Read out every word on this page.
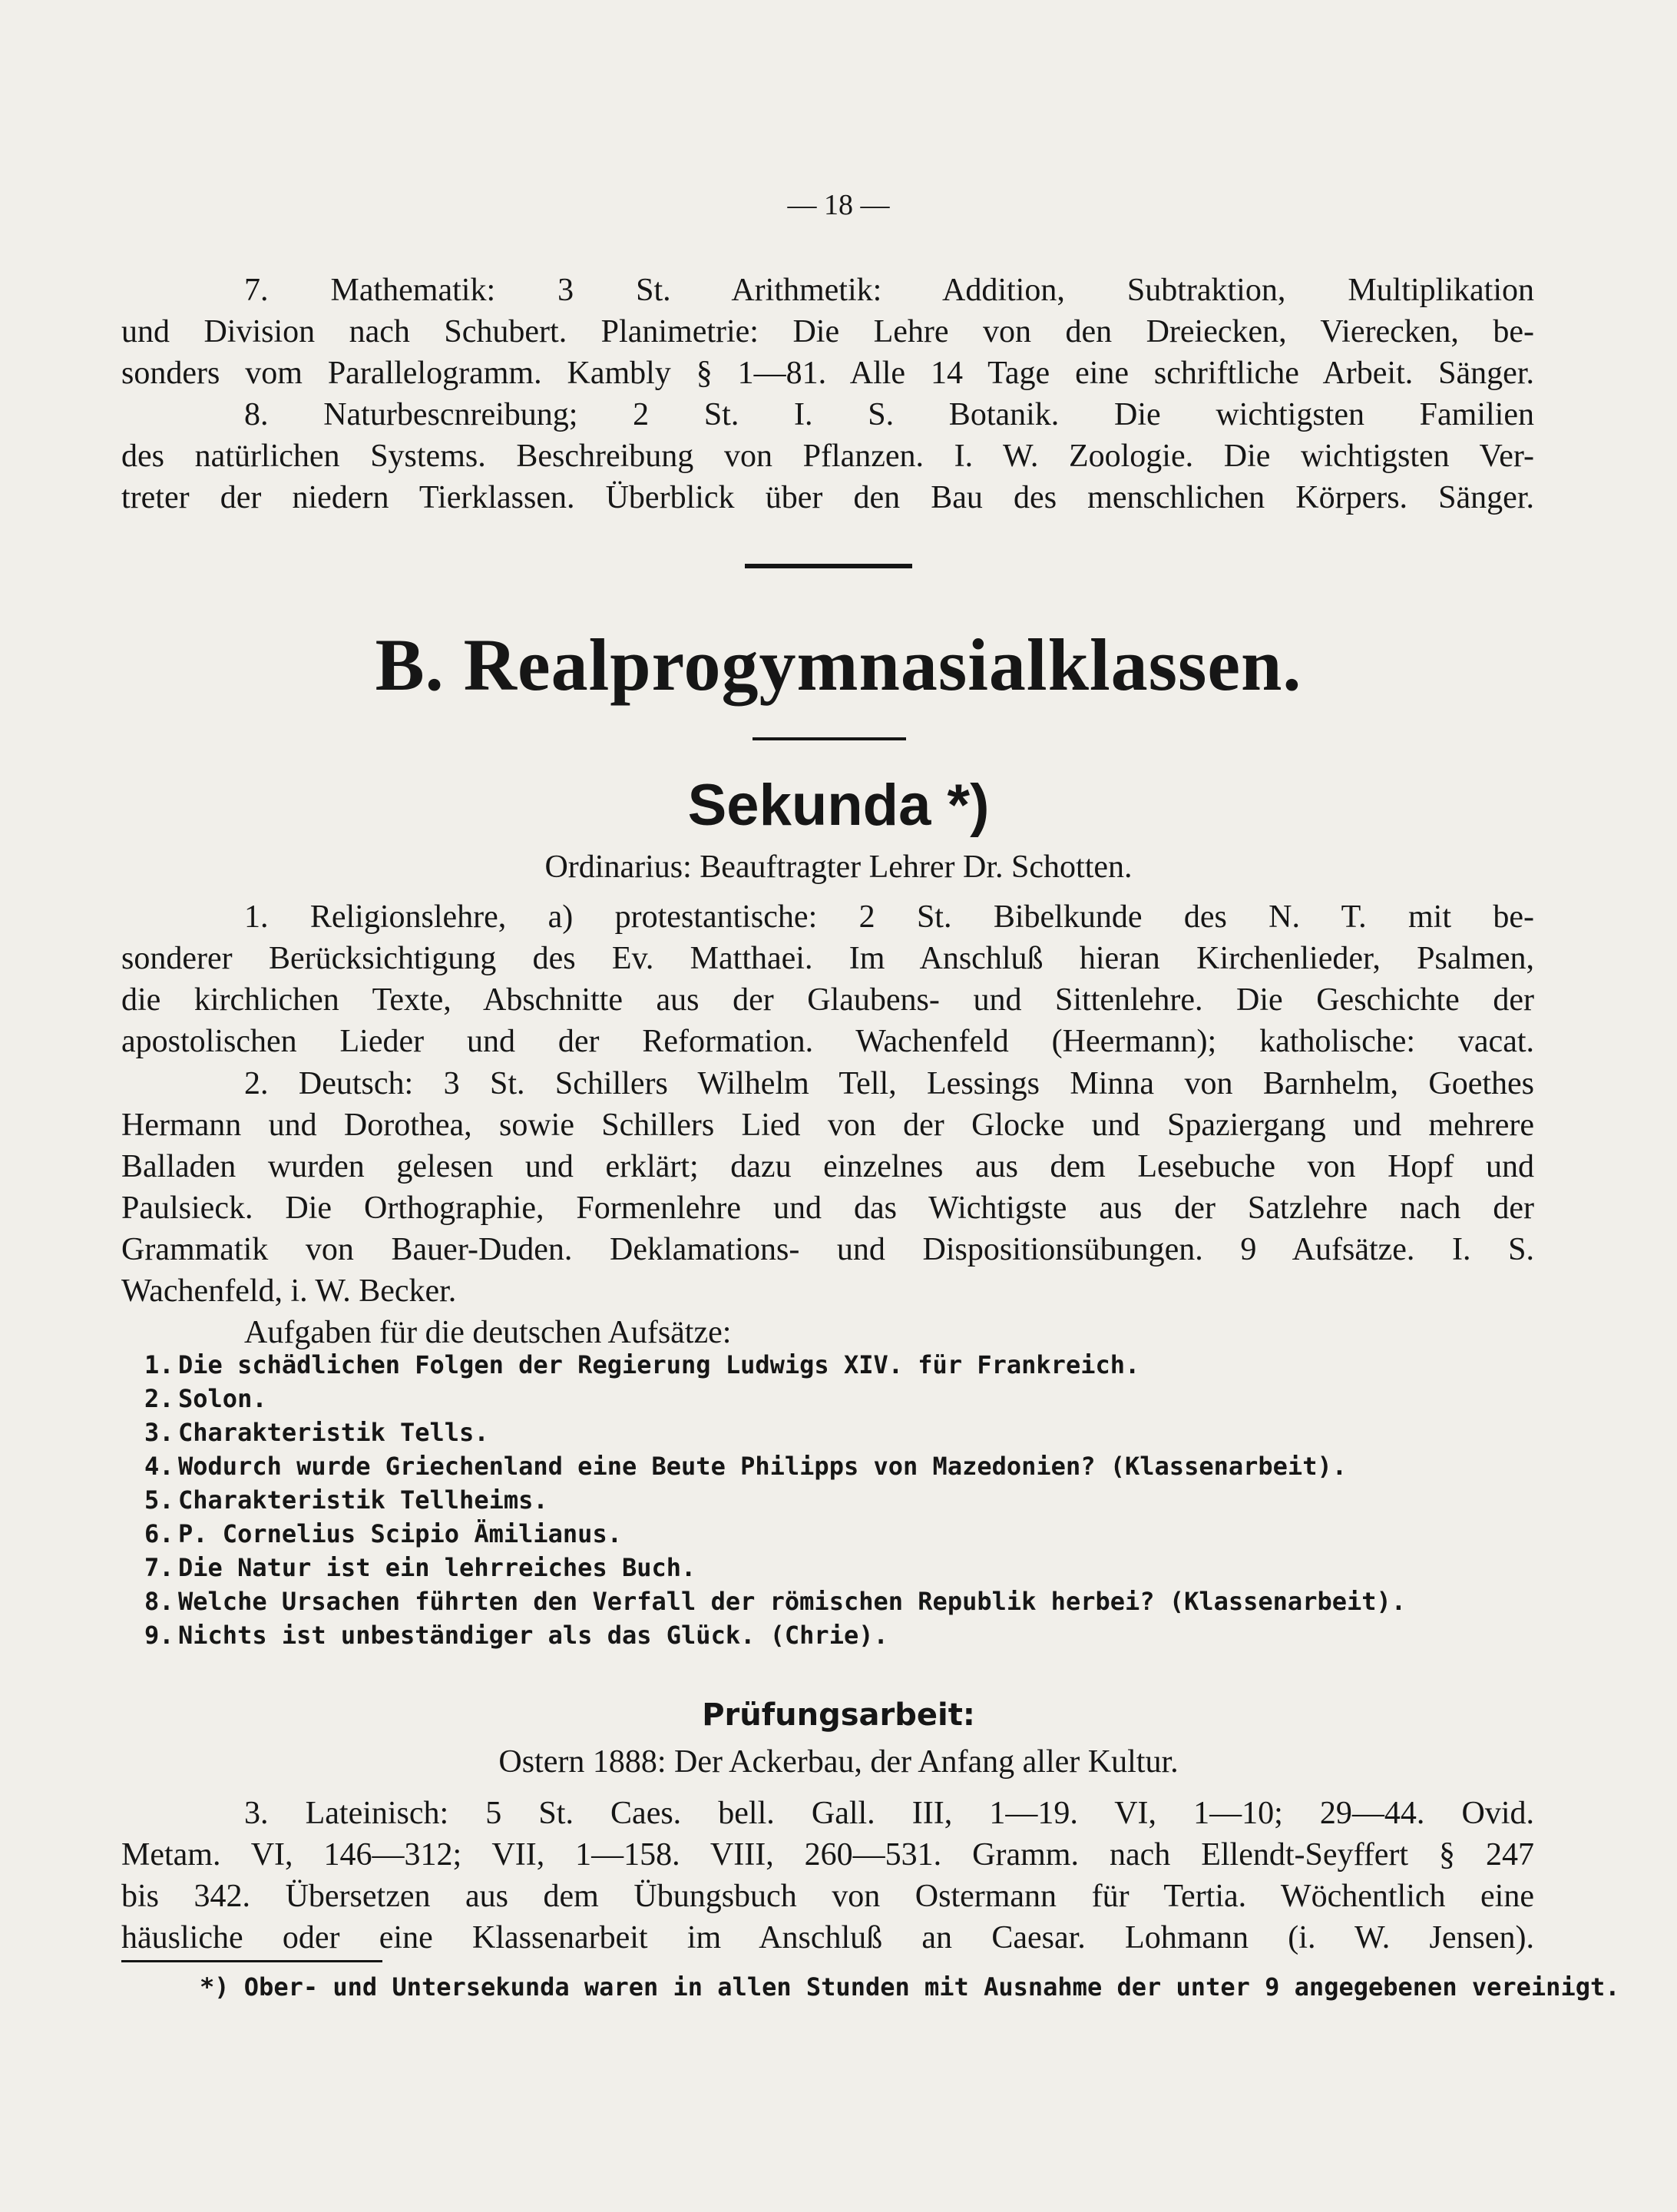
— 18 —
7. Mathematik: 3 St. Arithmetik: Addition, Subtraktion, Multiplikation
und Division nach Schubert. Planimetrie: Die Lehre von den Dreiecken, Vierecken, be-
sonders vom Parallelogramm. Kambly § 1—81. Alle 14 Tage eine schriftliche Arbeit. Sänger.
8. Naturbescnreibung; 2 St. I. S. Botanik. Die wichtigsten Familien
des natürlichen Systems. Beschreibung von Pflanzen. I. W. Zoologie. Die wichtigsten Ver-
treter der niedern Tierklassen. Überblick über den Bau des menschlichen Körpers. Sänger.
B. Realprogymnasialklassen.
Sekunda *)
Ordinarius: Beauftragter Lehrer Dr. Schotten.
1. Religionslehre, a) protestantische: 2 St. Bibelkunde des N. T. mit be-
sonderer Berücksichtigung des Ev. Matthaei. Im Anschluß hieran Kirchenlieder, Psalmen,
die kirchlichen Texte, Abschnitte aus der Glaubens- und Sittenlehre. Die Geschichte der
apostolischen Lieder und der Reformation. Wachenfeld (Heermann); katholische: vacat.
2. Deutsch: 3 St. Schillers Wilhelm Tell, Lessings Minna von Barnhelm, Goethes
Hermann und Dorothea, sowie Schillers Lied von der Glocke und Spaziergang und mehrere
Balladen wurden gelesen und erklärt; dazu einzelnes aus dem Lesebuche von Hopf und
Paulsieck. Die Orthographie, Formenlehre und das Wichtigste aus der Satzlehre nach der
Grammatik von Bauer-Duden. Deklamations- und Dispositionsübungen. 9 Aufsätze. I. S.
Wachenfeld, i. W. Becker.
Aufgaben für die deutschen Aufsätze:
1. Die schädlichen Folgen der Regierung Ludwigs XIV. für Frankreich.
2. Solon.
3. Charakteristik Tells.
4. Wodurch wurde Griechenland eine Beute Philipps von Mazedonien? (Klassenarbeit).
5. Charakteristik Tellheims.
6. P. Cornelius Scipio Ämilianus.
7. Die Natur ist ein lehrreiches Buch.
8. Welche Ursachen führten den Verfall der römischen Republik herbei? (Klassenarbeit).
9. Nichts ist unbeständiger als das Glück. (Chrie).
Prüfungsarbeit:
Ostern 1888: Der Ackerbau, der Anfang aller Kultur.
3. Lateinisch: 5 St. Caes. bell. Gall. III, 1—19. VI, 1—10; 29—44. Ovid.
Metam. VI, 146—312; VII, 1—158. VIII, 260—531. Gramm. nach Ellendt-Seyffert § 247
bis 342. Übersetzen aus dem Übungsbuch von Ostermann für Tertia. Wöchentlich eine
häusliche oder eine Klassenarbeit im Anschluß an Caesar. Lohmann (i. W. Jensen).
*) Ober- und Untersekunda waren in allen Stunden mit Ausnahme der unter 9 angegebenen vereinigt.
